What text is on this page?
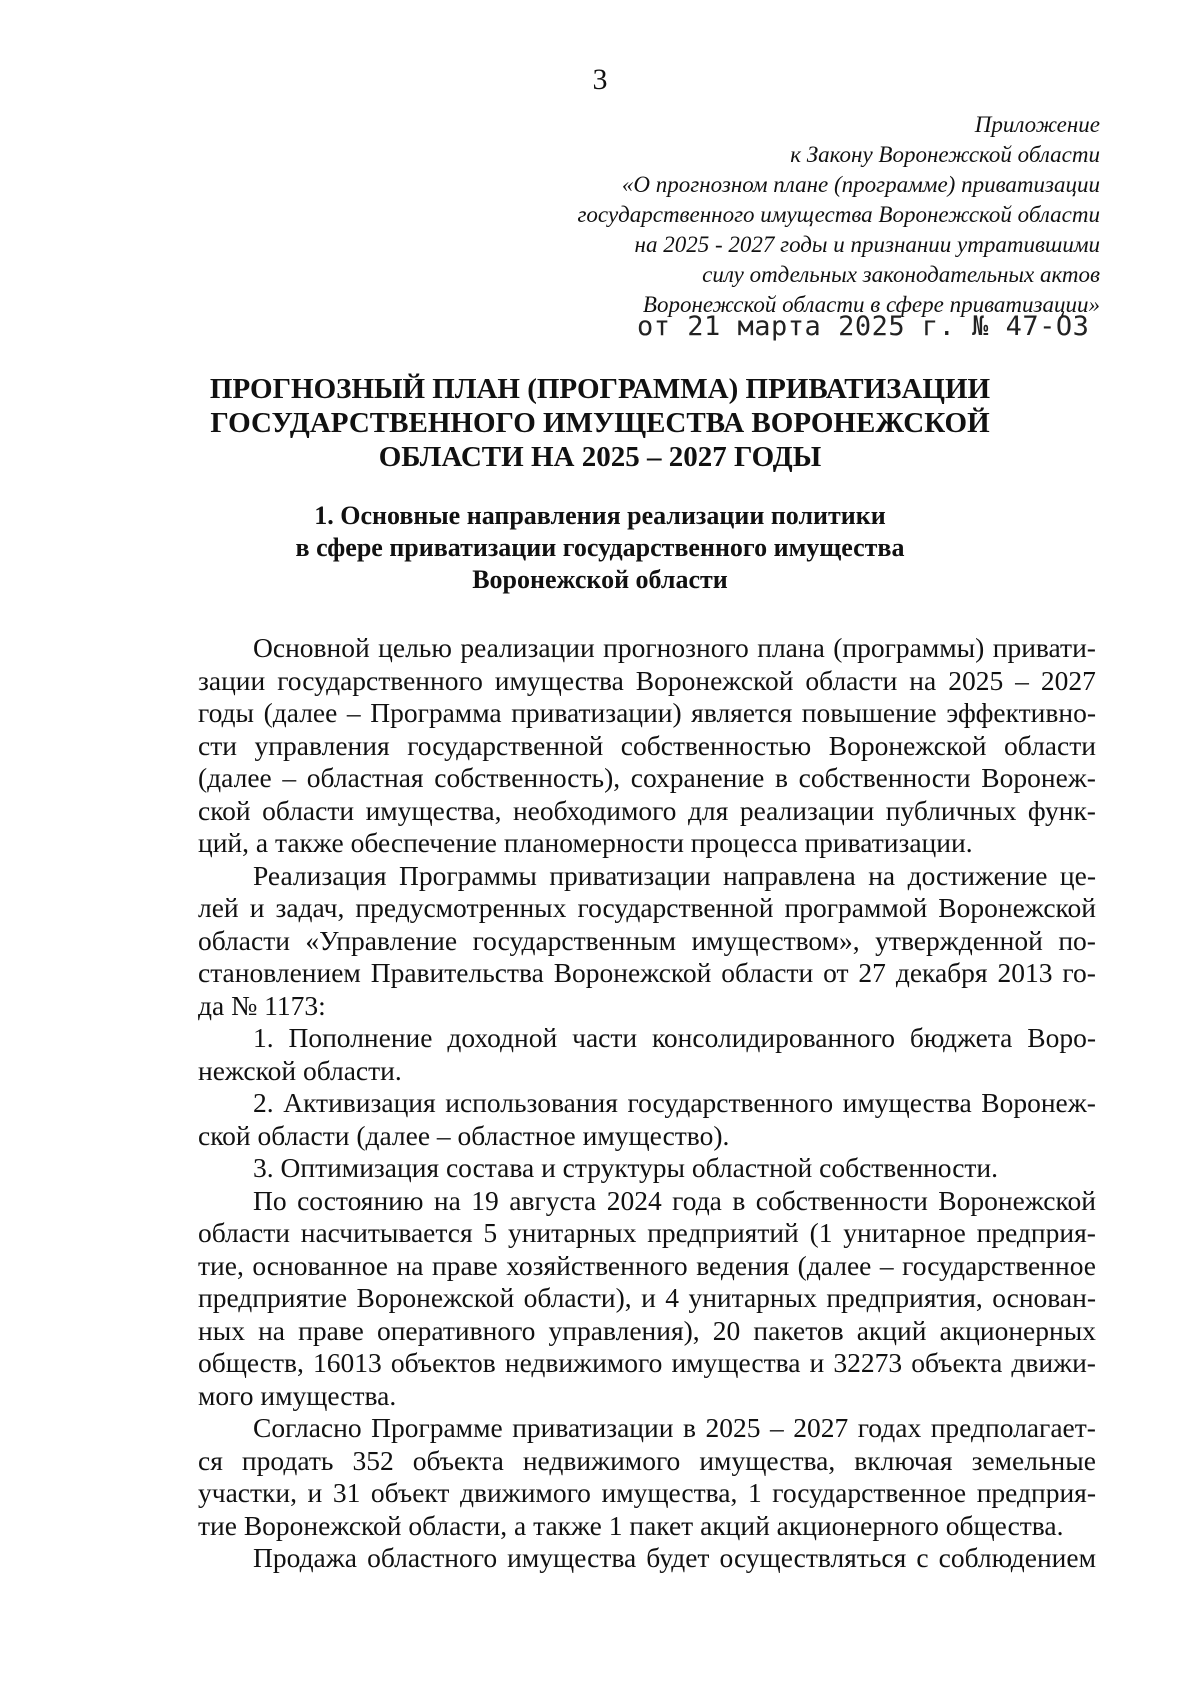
3
Приложение
к Закону Воронежской области
«О прогнозном плане (программе) приватизации
государственного имущества Воронежской области
на 2025 - 2027 годы и признании утратившими
силу отдельных законодательных актов
Воронежской области в сфере приватизации»
от 21 марта 2025 г. № 47-ОЗ
ПРОГНОЗНЫЙ ПЛАН (ПРОГРАММА) ПРИВАТИЗАЦИИ
ГОСУДАРСТВЕННОГО ИМУЩЕСТВА ВОРОНЕЖСКОЙ
ОБЛАСТИ НА 2025 – 2027 ГОДЫ
1. Основные направления реализации политики
в сфере приватизации государственного имущества
Воронежской области
Основной целью реализации прогнозного плана (программы) привати-
зации государственного имущества Воронежской области на 2025 – 2027
годы (далее – Программа приватизации) является повышение эффективно-
сти управления государственной собственностью Воронежской области
(далее – областная собственность), сохранение в собственности Воронеж-
ской области имущества, необходимого для реализации публичных функ-
ций, а также обеспечение планомерности процесса приватизации.
Реализация Программы приватизации направлена на достижение це-
лей и задач, предусмотренных государственной программой Воронежской
области «Управление государственным имуществом», утвержденной по-
становлением Правительства Воронежской области от 27 декабря 2013 го-
да № 1173:
1. Пополнение доходной части консолидированного бюджета Воро-
нежской области.
2. Активизация использования государственного имущества Воронеж-
ской области (далее – областное имущество).
3. Оптимизация состава и структуры областной собственности.
По состоянию на 19 августа 2024 года в собственности Воронежской
области насчитывается 5 унитарных предприятий (1 унитарное предприя-
тие, основанное на праве хозяйственного ведения (далее – государственное
предприятие Воронежской области), и 4 унитарных предприятия, основан-
ных на праве оперативного управления), 20 пакетов акций акционерных
обществ, 16013 объектов недвижимого имущества и 32273 объекта движи-
мого имущества.
Согласно Программе приватизации в 2025 – 2027 годах предполагает-
ся продать 352 объекта недвижимого имущества, включая земельные
участки, и 31 объект движимого имущества, 1 государственное предприя-
тие Воронежской области, а также 1 пакет акций акционерного общества.
Продажа областного имущества будет осуществляться с соблюдением
